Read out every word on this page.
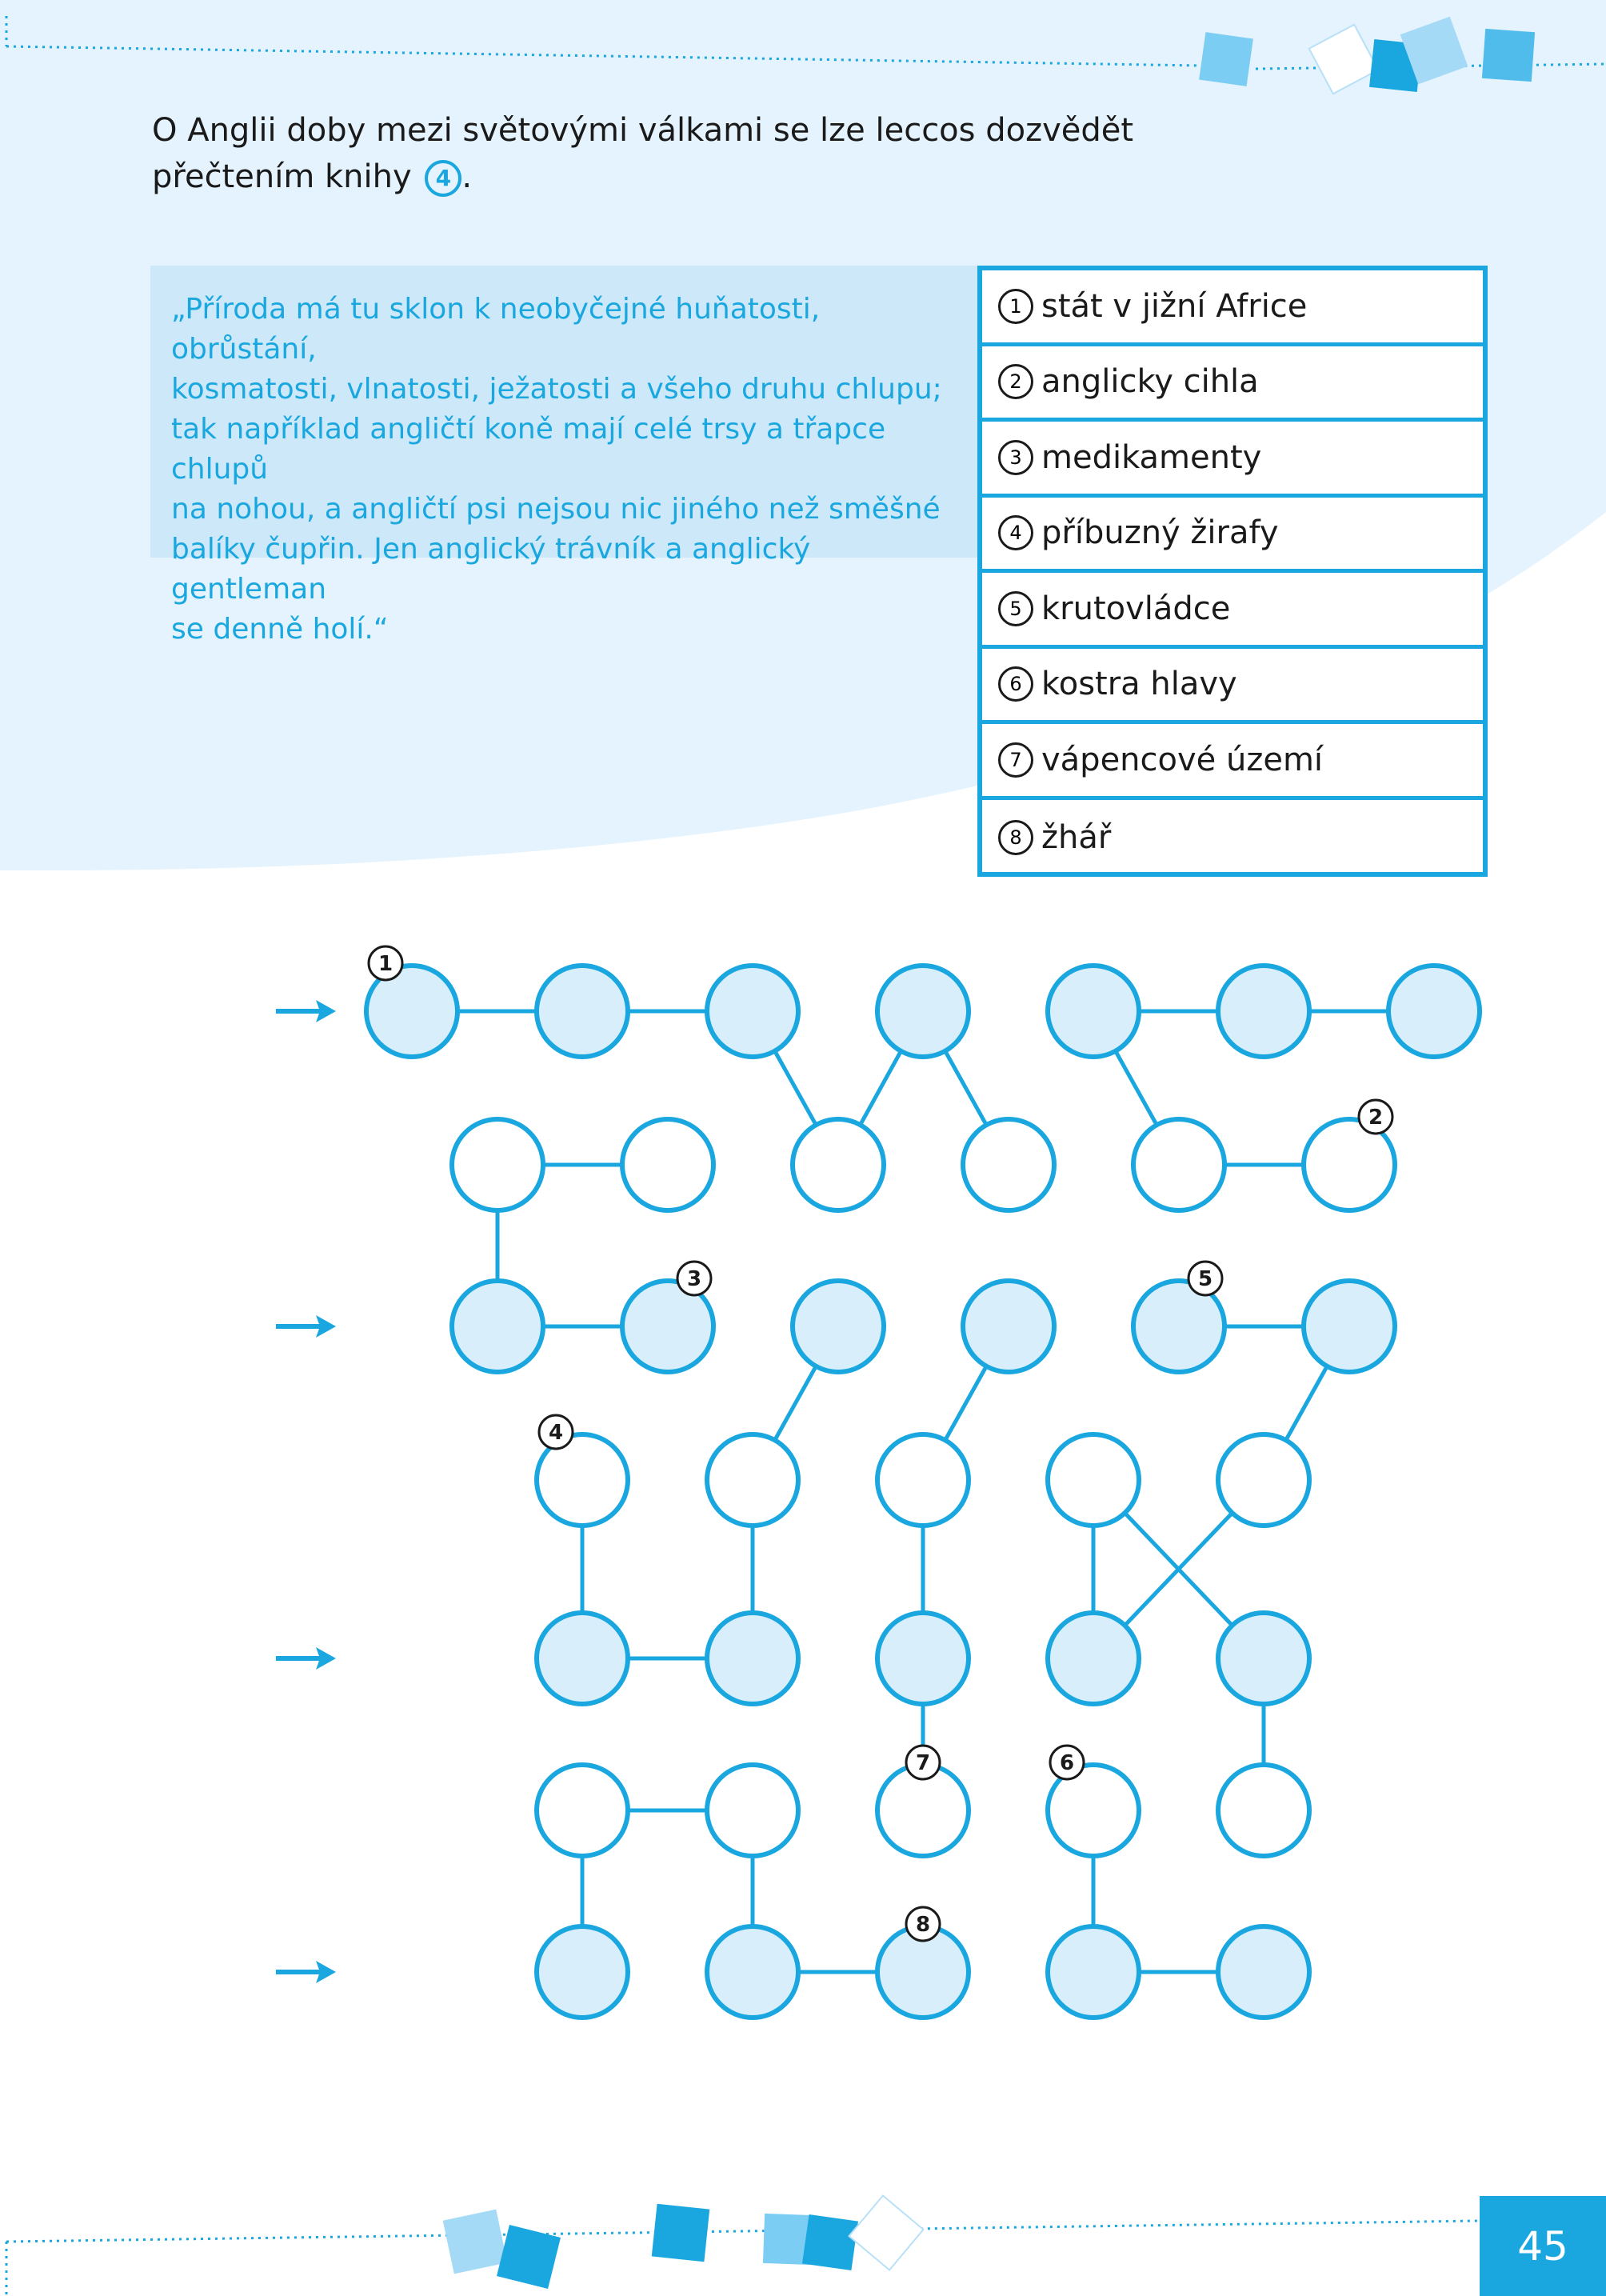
O Anglii doby mezi světovými válkami se lze leccos dozvědět přečtením knihy 4 .
„Příroda má tu sklon k neobyčejné huňatosti, obrůstání,
kosmatosti, vlnatosti, ježatosti a všeho druhu chlupu;
tak například angličtí koně mají celé trsy a třapce chlupů
na nohou, a angličtí psi nejsou nic jiného než směšné
balíky čupřin. Jen anglický trávník a anglický gentleman
se denně holí.“
1 stát v jižní Africe
2 anglicky cihla
3 medikamenty
4 příbuzný žirafy
5 krutovládce
6 kostra hlavy
7 vápencové území
8 žhář
1
2
3	5
4
6
7
8
45
